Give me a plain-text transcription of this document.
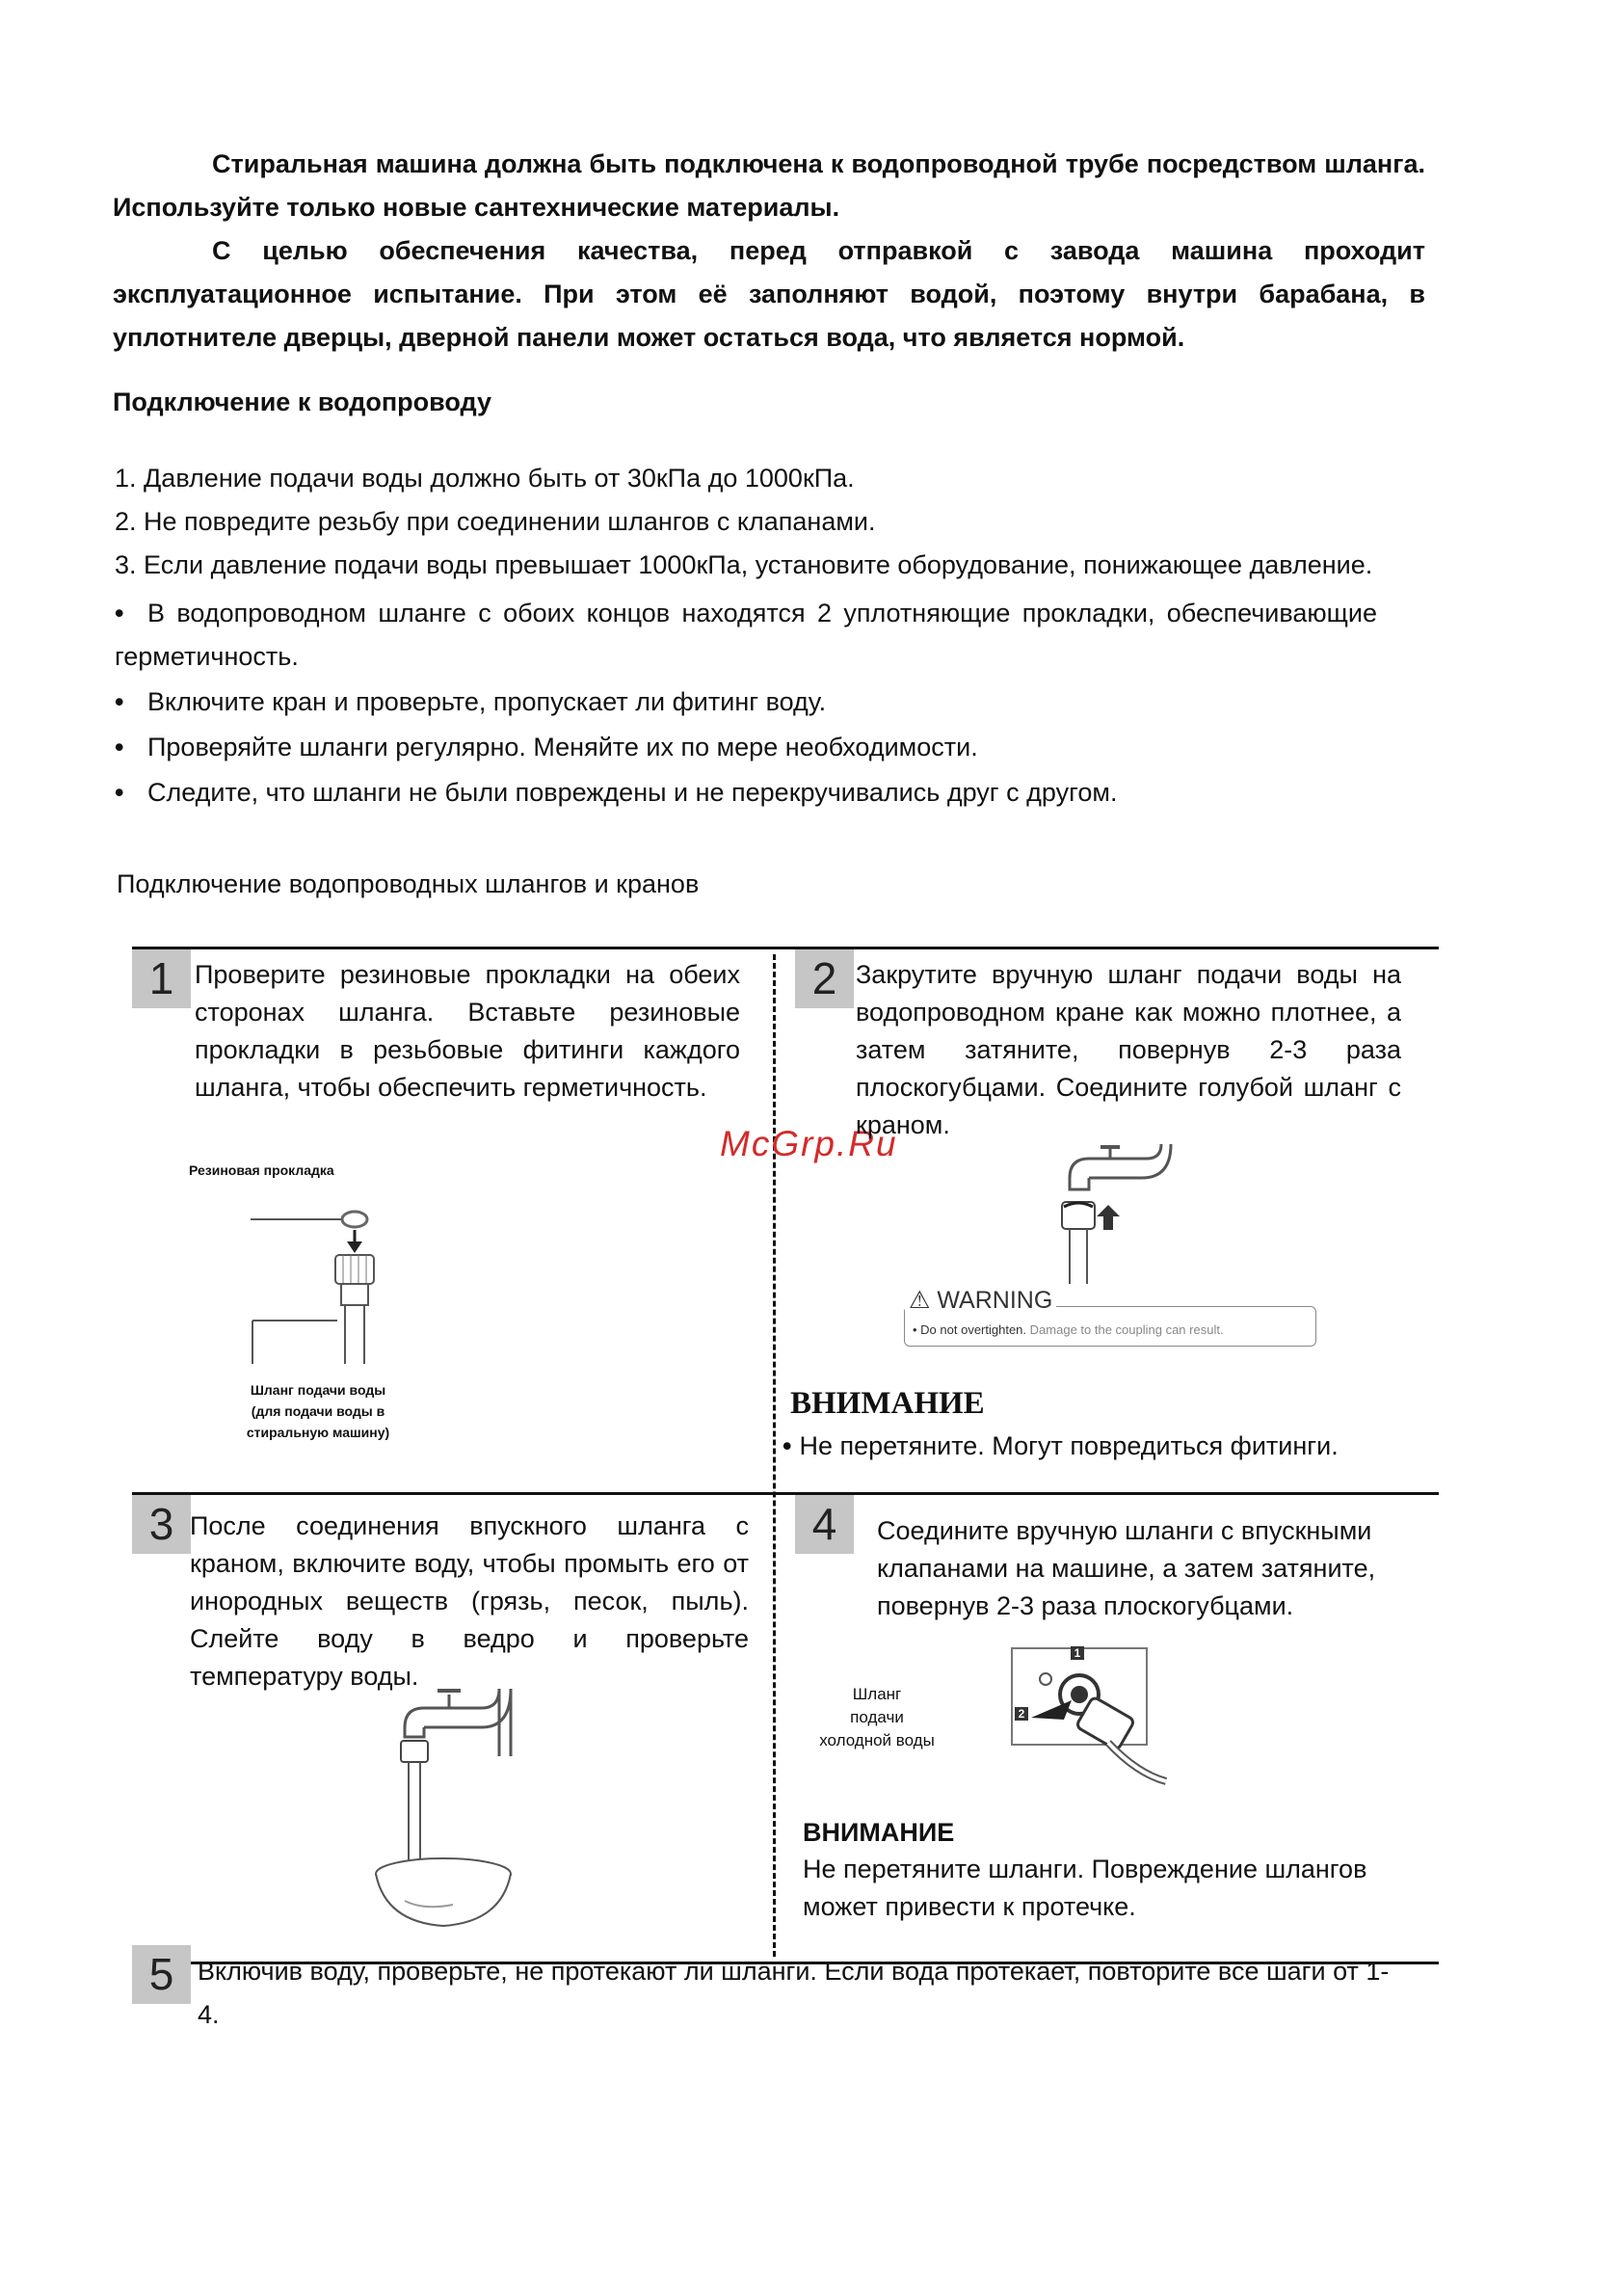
Стиральная машина должна быть подключена к водопроводной трубе посредством шланга. Используйте только новые сантехнические материалы.
С целью обеспечения качества, перед отправкой с завода машина проходит эксплуатационное испытание. При этом её заполняют водой, поэтому внутри барабана, в уплотнителе дверцы, дверной панели может остаться вода, что является нормой.
Подключение к водопроводу
1. Давление подачи воды должно быть от 30кПа до 1000кПа.
2. Не повредите резьбу при соединении шлангов с клапанами.
3. Если давление подачи воды превышает 1000кПа, установите оборудование, понижающее давление.
• В водопроводном шланге с обоих концов находятся 2 уплотняющие прокладки, обеспечивающие герметичность.
• Включите кран и проверьте, пропускает ли фитинг воду.
• Проверяйте шланги регулярно. Меняйте их по мере необходимости.
• Следите, что шланги не были повреждены и не перекручивались друг с другом.
Подключение водопроводных шлангов и кранов
1 Проверите резиновые прокладки на обеих сторонах шланга. Вставьте резиновые прокладки в резьбовые фитинги каждого шланга, чтобы обеспечить герметичность.
Резиновая прокладка
Шланг подачи воды
(для подачи воды в
стиральную машину)
McGrp.Ru
2 Закрутите вручную шланг подачи воды на водопроводном кране как можно плотнее, а затем затяните, повернув 2-3 раза плоскогубцами. Соедините голубой шланг с краном.
⚠ WARNING
• Do not overtighten. Damage to the coupling can result.
ВНИМАНИЕ
• Не перетяните. Могут повредиться фитинги.
3 После соединения впускного шланга с краном, включите воду, чтобы промыть его от инородных веществ (грязь, песок, пыль). Слейте воду в ведро и проверьте температуру воды.
4	Соедините вручную шланги с впускными клапанами на машине, а затем затяните, повернув 2-3 раза плоскогубцами.
Шланг
подачи
холодной воды
1
2
ВНИМАНИЕ
Не перетяните шланги. Повреждение шлангов может привести к протечке.
5 Включив воду, проверьте, не протекают ли шланги. Если вода протекает, повторите все шаги от 1-4.
